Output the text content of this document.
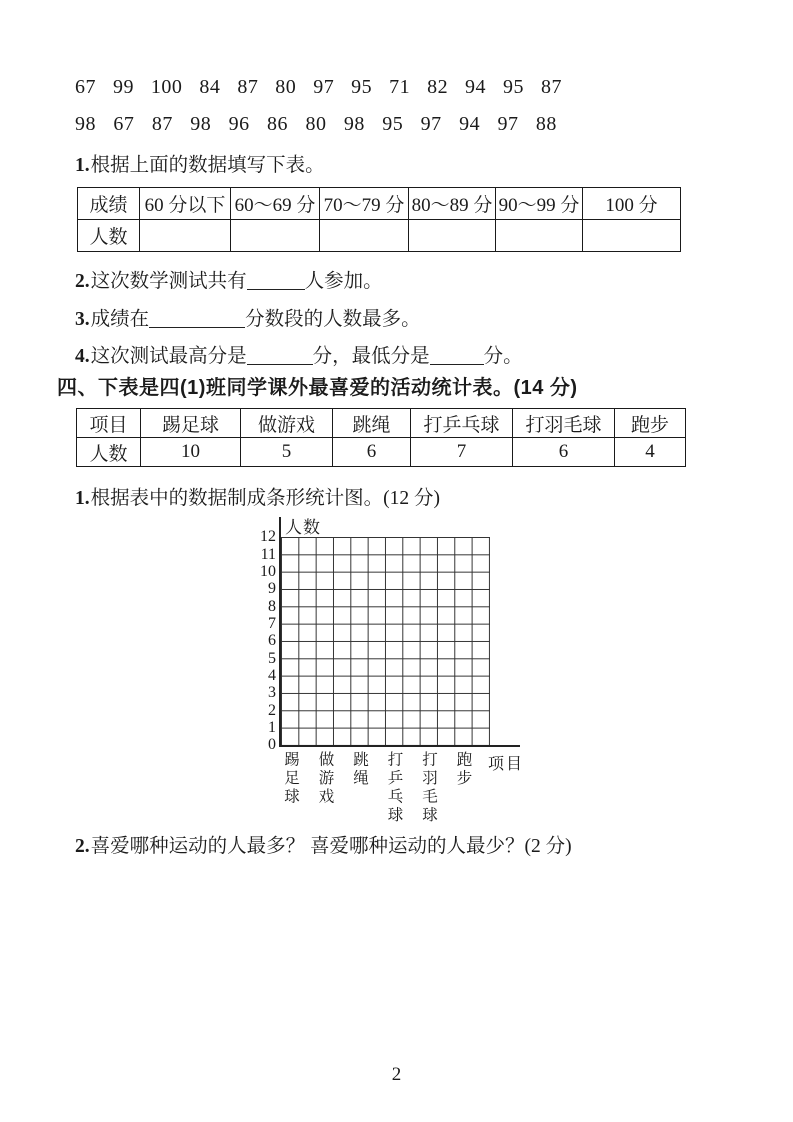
67 99 100 84 87 80 97 95 71 82 94 95 87
98 67 87 98 96 86 80 98 95 97 94 97 88
1.根据上面的数据填写下表。
成绩	60 分以下	60～69 分	70～79 分	80～89 分	90～99 分	100 分
人数						
2.这次数学测试共有	人参加。
3.成绩在	分数段的人数最多。
4.这次测试最高分是	分，最低分是	分。
四、下表是四(1)班同学课外最喜爱的活动统计表。(14 分)
项目	踢足球	做游戏	跳绳	打乒乓球	打羽毛球	跑步
人数	10	5	6	7	6	4
1.根据表中的数据制成条形统计图。(12 分)
人数
12
11
10
9
8
7
6
5
4
3
2
1
0
项目
踢足球 做游戏 跳绳 打乒乓球 打羽毛球 跑步
2.喜爱哪种运动的人最多？ 喜爱哪种运动的人最少？(2 分)
2
